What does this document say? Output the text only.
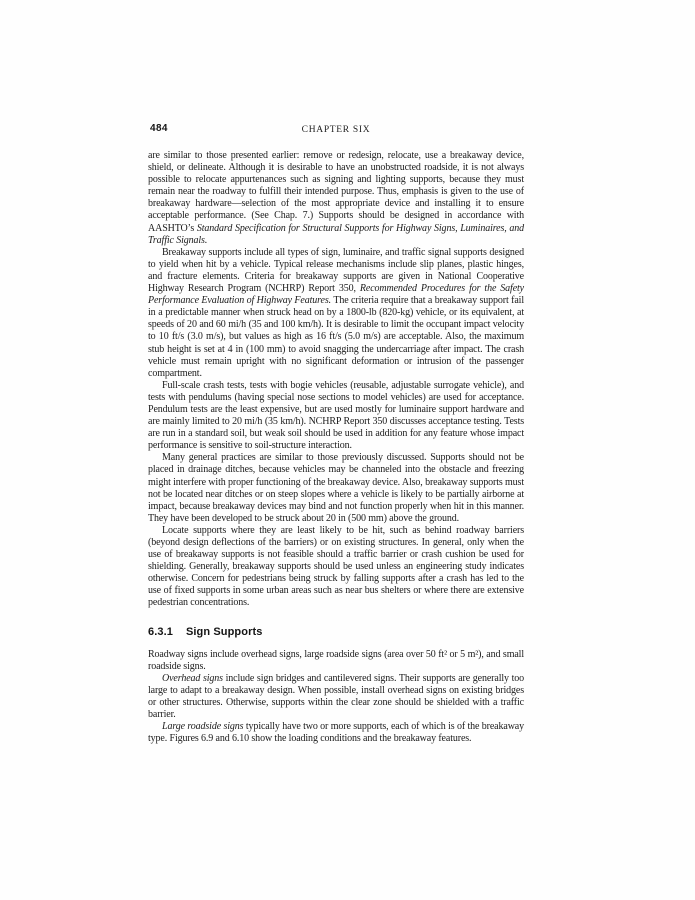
484	CHAPTER SIX

are similar to those presented earlier: remove or redesign, relocate, use a breakaway device, shield, or delineate. Although it is desirable to have an unobstructed roadside, it is not always possible to relocate appurtenances such as signing and lighting supports, because they must remain near the roadway to fulfill their intended purpose. Thus, emphasis is given to the use of breakaway hardware—selection of the most appropriate device and installing it to ensure acceptable performance. (See Chap. 7.) Supports should be designed in accordance with AASHTO’s Standard Specification for Structural Supports for Highway Signs, Luminaires, and Traffic Signals.

Breakaway supports include all types of sign, luminaire, and traffic signal supports designed to yield when hit by a vehicle. Typical release mechanisms include slip planes, plastic hinges, and fracture elements. Criteria for breakaway supports are given in National Cooperative Highway Research Program (NCHRP) Report 350, Recommended Procedures for the Safety Performance Evaluation of Highway Features. The criteria require that a breakaway support fail in a predictable manner when struck head on by a 1800-lb (820-kg) vehicle, or its equivalent, at speeds of 20 and 60 mi/h (35 and 100 km/h). It is desirable to limit the occupant impact velocity to 10 ft/s (3.0 m/s), but values as high as 16 ft/s (5.0 m/s) are acceptable. Also, the maximum stub height is set at 4 in (100 mm) to avoid snagging the undercarriage after impact. The crash vehicle must remain upright with no significant deformation or intrusion of the passenger compartment.

Full-scale crash tests, tests with bogie vehicles (reusable, adjustable surrogate vehicle), and tests with pendulums (having special nose sections to model vehicles) are used for acceptance. Pendulum tests are the least expensive, but are used mostly for luminaire support hardware and are mainly limited to 20 mi/h (35 km/h). NCHRP Report 350 discusses acceptance testing. Tests are run in a standard soil, but weak soil should be used in addition for any feature whose impact performance is sensitive to soil-structure interaction.

Many general practices are similar to those previously discussed. Supports should not be placed in drainage ditches, because vehicles may be channeled into the obstacle and freezing might interfere with proper functioning of the breakaway device. Also, breakaway supports must not be located near ditches or on steep slopes where a vehicle is likely to be partially airborne at impact, because breakaway devices may bind and not function properly when hit in this manner. They have been developed to be struck about 20 in (500 mm) above the ground.

Locate supports where they are least likely to be hit, such as behind roadway barriers (beyond design deflections of the barriers) or on existing structures. In general, only when the use of breakaway supports is not feasible should a traffic barrier or crash cushion be used for shielding. Generally, breakaway supports should be used unless an engineering study indicates otherwise. Concern for pedestrians being struck by falling supports after a crash has led to the use of fixed supports in some urban areas such as near bus shelters or where there are extensive pedestrian concentrations.

6.3.1 Sign Supports

Roadway signs include overhead signs, large roadside signs (area over 50 ft² or 5 m²), and small roadside signs.

Overhead signs include sign bridges and cantilevered signs. Their supports are generally too large to adapt to a breakaway design. When possible, install overhead signs on existing bridges or other structures. Otherwise, supports within the clear zone should be shielded with a traffic barrier.

Large roadside signs typically have two or more supports, each of which is of the breakaway type. Figures 6.9 and 6.10 show the loading conditions and the breakaway features.
